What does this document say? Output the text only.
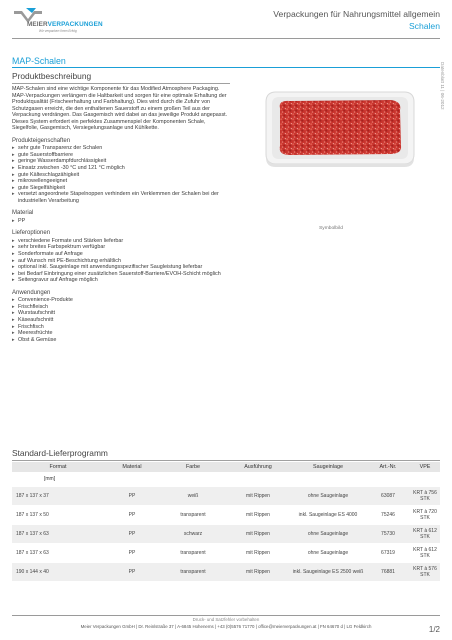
MEIERVERPACKUNGEN
Wir verpacken Ihren Erfolg
Verpackungen für Nahrungsmittel allgemein
Schalen
MAP-Schalen
Datenblatt 11 | 06-2012
Produktbeschreibung

MAP-Schalen sind eine wichtige Komponente für das Modified Atmosphere Packaging. MAP-Verpackungen verlängern die Haltbarkeit und sorgen für eine optimale Erhaltung der Produktqualität (Frischeerhaltung und Farbhaltung). Dies wird durch die Zufuhr von Schutzgasen erreicht, die den enthaltenen Sauerstoff zu einem großen Teil aus der Verpackung verdrängen. Das Gasgemisch wird dabei an das jeweilige Produkt angepasst. Dieses System erfordert ein perfektes Zusammenspiel der Komponenten Schale, Siegelfolie, Gasgemisch, Versiegelungsanlage und Kühlkette.

Produkteigenschaften
▸ sehr gute Transparenz der Schalen
▸ gute Sauerstoffbarriere
▸ geringe Wasserdampfdurchlässigkeit
▸ Einsatz zwischen -30 °C und 121 °C möglich
▸ gute Kälteschlagzähigkeit
▸ mikrowellengeeignet
▸ gute Siegelfähigkeit
▸ versetzt angeordnete Stapelnoppen verhindern ein Verklemmen der Schalen bei der industriellen Verarbeitung
Material
▸ PP
Lieferoptionen
▸ verschiedene Formate und Stärken lieferbar
▸ sehr breites Farbspektrum verfügbar
▸ Sonderformate auf Anfrage
▸ auf Wunsch mit PE-Beschichtung erhältlich
▸ optional inkl. Saugeinlage mit anwendungsspezifischer Saugleistung lieferbar
▸ bei Bedarf Einbringung einer zusätzlichen Sauerstoff-Barriere/EVOH-Schicht möglich
▸ Seitengravur auf Anfrage möglich
Anwendungen
▸ Convenience-Produkte
▸ Frischfleisch
▸ Wurstaufschnitt
▸ Käseaufschnitt
▸ Frischfisch
▸ Meeresfrüchte
▸ Obst & Gemüse
Symbolbild
Standard-Lieferprogramm
Format	Material	Farbe	Ausführung	Saugeinlage	Art.-Nr.	VPE
[mm]						
187 x 137 x 37	PP	weiß	mit Rippen	ohne Saugeinlage	63087	KRT à 756 STK
187 x 137 x 50	PP	transparent	mit Rippen	inkl. Saugeinlage ES 4000	75246	KRT à 720 STK
187 x 137 x 63	PP	schwarz	mit Rippen	ohne Saugeinlage	75730	KRT à 612 STK
187 x 137 x 63	PP	transparent	mit Rippen	ohne Saugeinlage	67319	KRT à 612 STK
190 x 144 x 40	PP	transparent	mit Rippen	inkl. Saugeinlage ES 2500 weiß	76881	KRT à 576 STK
Druck- und Satzfehler vorbehalten
Meier Verpackungen GmbH | Dr. Reinlstraße 37 | A-6845 Hohenems | +43 (0)5576 71770 | office@meierverpackungen.at | FN 64670 d | LG Feldkirch	1/2
